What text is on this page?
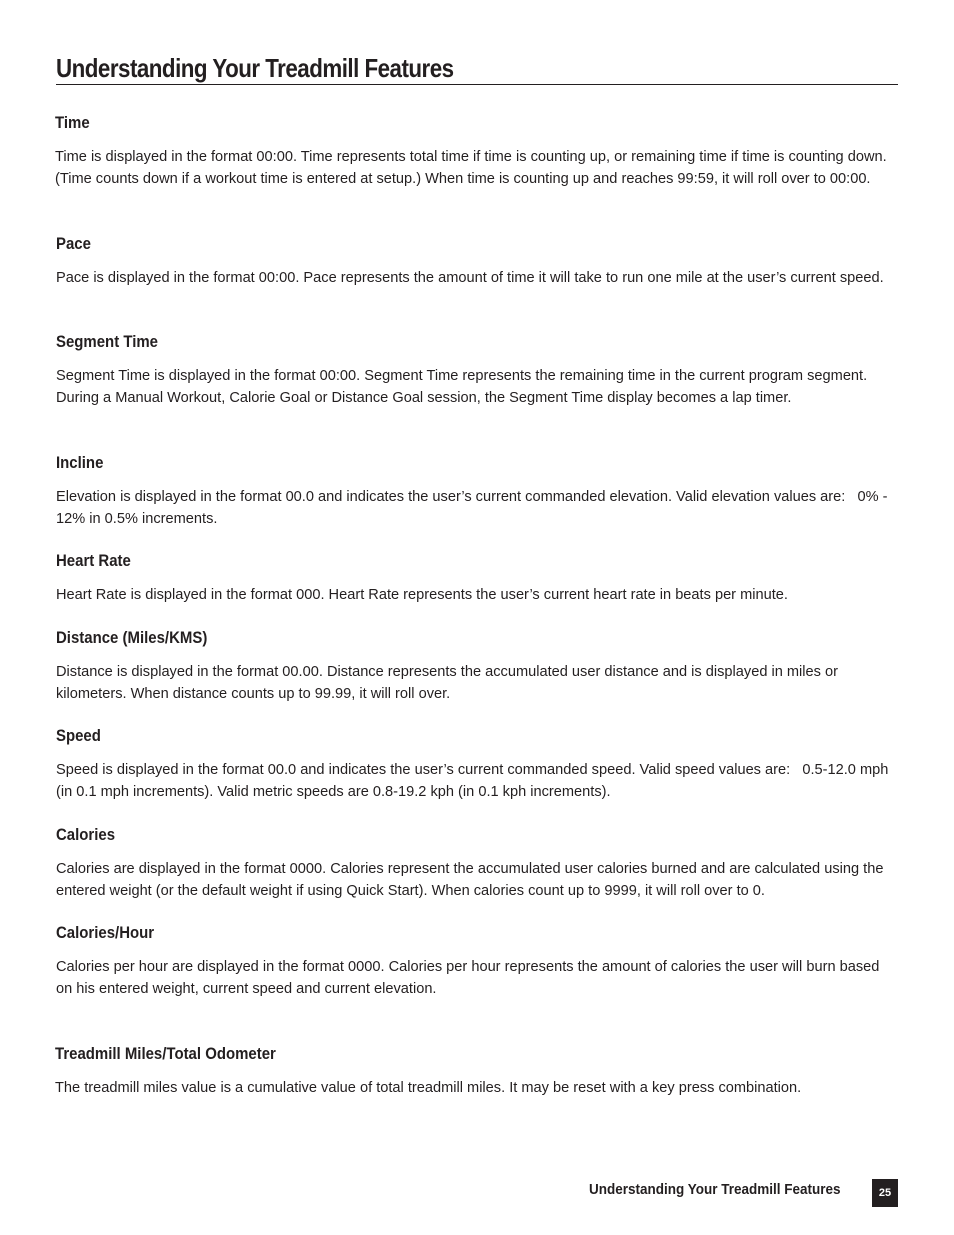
Understanding Your Treadmill Features
Time

Time is displayed in the format 00:00. Time represents total time if time is counting up, or remaining time if time is counting down. (Time counts down if a workout time is entered at setup.) When time is counting up and reaches 99:59, it will roll over to 00:00.

Pace

Pace is displayed in the format 00:00. Pace represents the amount of time it will take to run one mile at the user’s current speed.

Segment Time

Segment Time is displayed in the format 00:00. Segment Time represents the remaining time in the current program segment. During a Manual Workout, Calorie Goal or Distance Goal session, the Segment Time display becomes a lap timer.

Incline

Elevation is displayed in the format 00.0 and indicates the user’s current commanded elevation. Valid elevation values are:   0% - 12% in 0.5% increments.

Heart Rate

Heart Rate is displayed in the format 000. Heart Rate represents the user’s current heart rate in beats per minute.

Distance (Miles/KMS)

Distance is displayed in the format 00.00. Distance represents the accumulated user distance and is displayed in miles or kilometers. When distance counts up to 99.99, it will roll over.

Speed

Speed is displayed in the format 00.0 and indicates the user’s current commanded speed. Valid speed values are:   0.5-12.0 mph (in 0.1 mph increments). Valid metric speeds are 0.8-19.2 kph (in 0.1 kph increments).

Calories

Calories are displayed in the format 0000. Calories represent the accumulated user calories burned and are calculated using the entered weight (or the default weight if using Quick Start). When calories count up to 9999, it will roll over to 0.

Calories/Hour

Calories per hour are displayed in the format 0000. Calories per hour represents the amount of calories the user will burn based on his entered weight, current speed and current elevation.

Treadmill Miles/Total Odometer

The treadmill miles value is a cumulative value of total treadmill miles. It may be reset with a key press combination.

Understanding Your Treadmill Features	25
